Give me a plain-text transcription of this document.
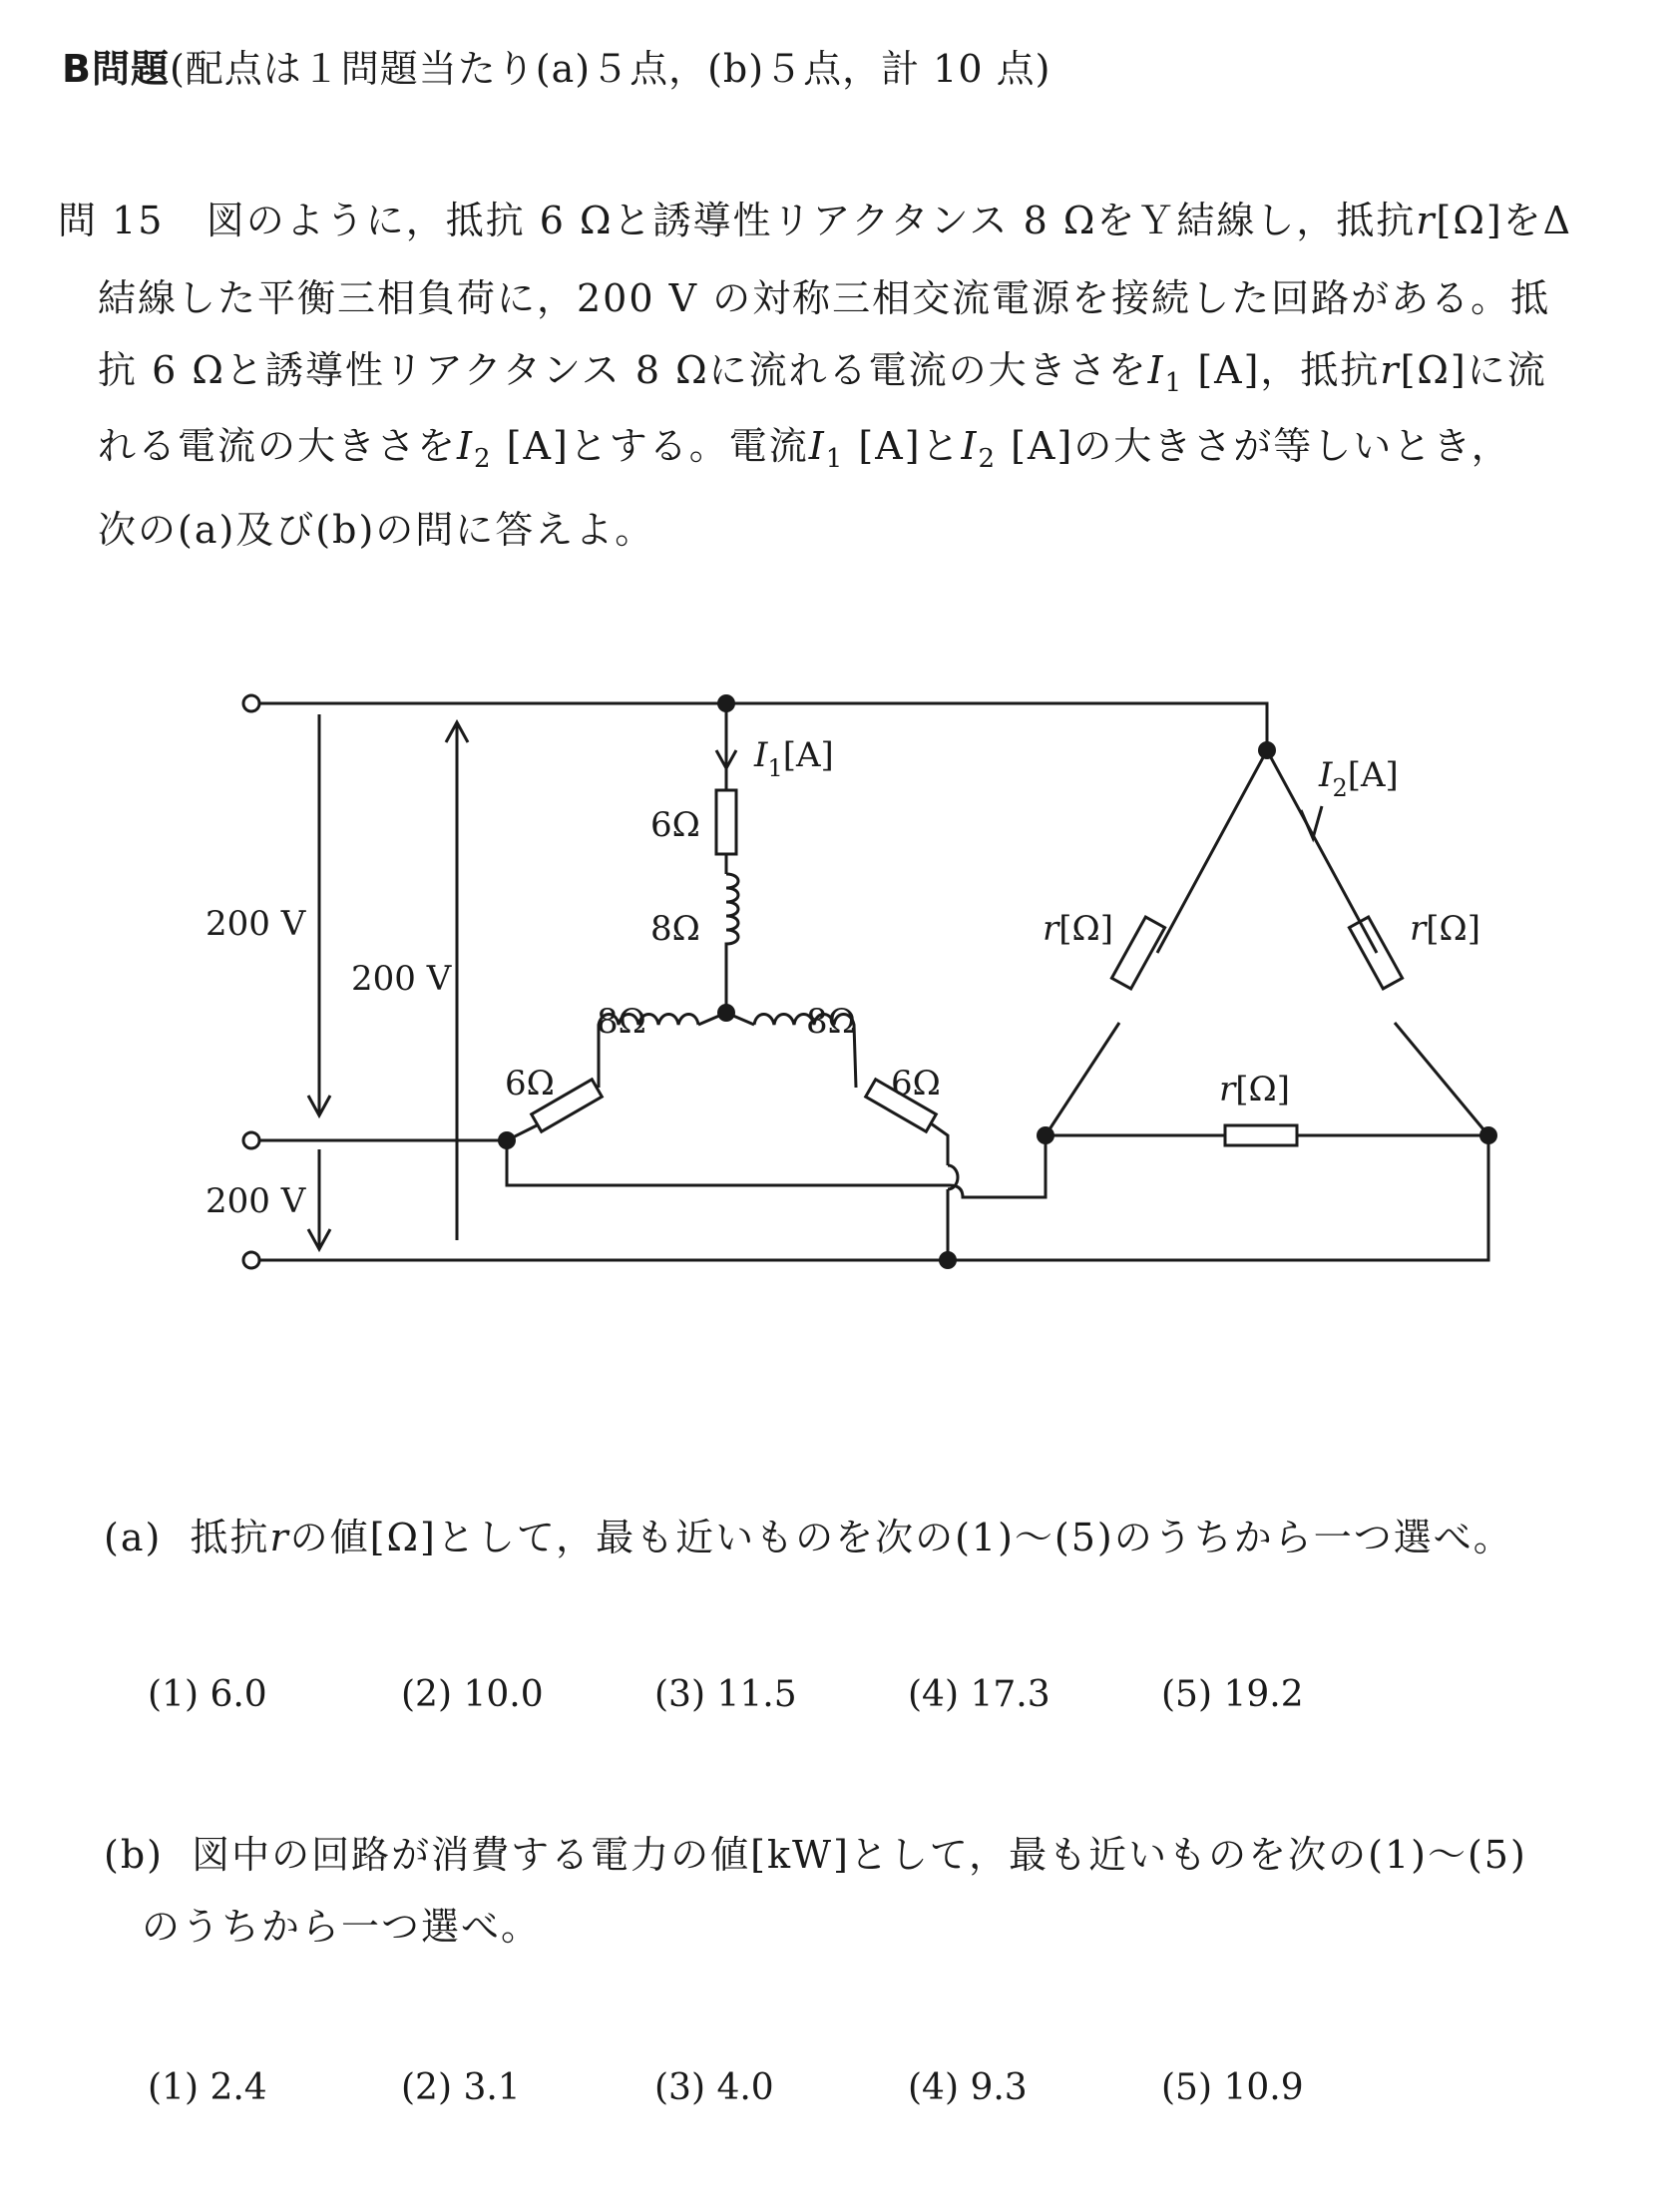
B問題(配点は１問題当たり(a)５点，(b)５点，計 10 点)
問 15 図のように，抵抗 6 Ωと誘導性リアクタンス 8 ΩをＹ結線し，抵抗r[Ω]をΔ
結線した平衡三相負荷に，200 V の対称三相交流電源を接続した回路がある。抵
抗 6 Ωと誘導性リアクタンス 8 Ωに流れる電流の大きさを$I_1$ [A]，抵抗r[Ω]に流
れる電流の大きさを$I_2$ [A]とする。電流$I_1$ [A]と$I_2$ [A]の大きさが等しいとき，
次の(a)及び(b)の問に答えよ。
200 V
200 V
200 V
$I_1[A]$	$I_2[A]$
6Ω
8Ω
8Ω	8Ω
6Ω	6Ω
r[Ω]	r[Ω]
r[Ω]
(a) 抵抗rの値[Ω]として，最も近いものを次の(1)～(5)のうちから一つ選べ。
(1) 6.0	(2) 10.0	(3) 11.5	(4) 17.3	(5) 19.2
(b) 図中の回路が消費する電力の値[kW]として，最も近いものを次の(1)～(5)
のうちから一つ選べ。
(1) 2.4	(2) 3.1	(3) 4.0	(4) 9.3	(5) 10.9
